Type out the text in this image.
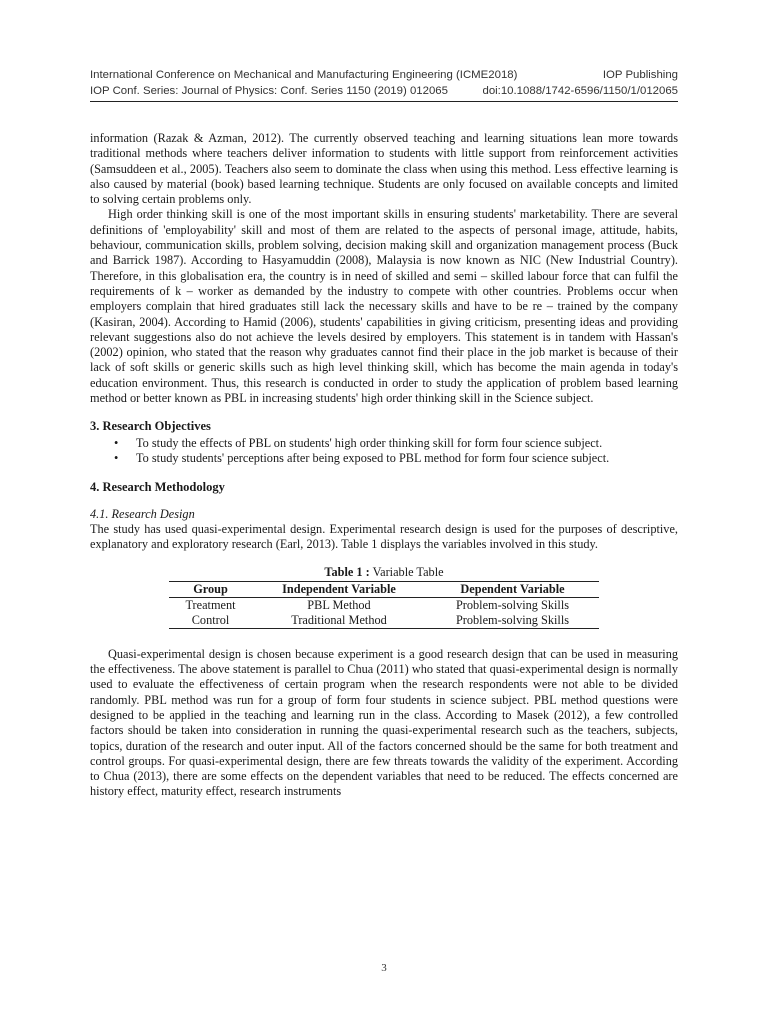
International Conference on Mechanical and Manufacturing Engineering (ICME2018)	IOP Publishing
IOP Conf. Series: Journal of Physics: Conf. Series 1150 (2019) 012065	doi:10.1088/1742-6596/1150/1/012065

information (Razak & Azman, 2012). The currently observed teaching and learning situations lean more towards traditional methods where teachers deliver information to students with little support from reinforcement activities (Samsuddeen et al., 2005). Teachers also seem to dominate the class when using this method. Less effective learning is also caused by material (book) based learning technique. Students are only focused on available concepts and limited to solving certain problems only.

High order thinking skill is one of the most important skills in ensuring students' marketability. There are several definitions of 'employability' skill and most of them are related to the aspects of personal image, attitude, habits, behaviour, communication skills, problem solving, decision making skill and organization management process (Buck and Barrick 1987). According to Hasyamuddin (2008), Malaysia is now known as NIC (New Industrial Country). Therefore, in this globalisation era, the country is in need of skilled and semi – skilled labour force that can fulfil the requirements of k – worker as demanded by the industry to compete with other countries. Problems occur when employers complain that hired graduates still lack the necessary skills and have to be re – trained by the company (Kasiran, 2004). According to Hamid (2006), students' capabilities in giving criticism, presenting ideas and providing relevant suggestions also do not achieve the levels desired by employers. This statement is in tandem with Hassan's (2002) opinion, who stated that the reason why graduates cannot find their place in the job market is because of their lack of soft skills or generic skills such as high level thinking skill, which has become the main agenda in today's education environment. Thus, this research is conducted in order to study the application of problem based learning method or better known as PBL in increasing students' high order thinking skill in the Science subject.

3. Research Objectives

• To study the effects of PBL on students' high order thinking skill for form four science subject.
• To study students' perceptions after being exposed to PBL method for form four science subject.

4. Research Methodology

4.1. Research Design

The study has used quasi-experimental design. Experimental research design is used for the purposes of descriptive, explanatory and exploratory research (Earl, 2013). Table 1 displays the variables involved in this study.

Table 1 : Variable Table
Group	Independent Variable	Dependent Variable
Treatment	PBL Method	Problem-solving Skills
Control	Traditional Method	Problem-solving Skills

Quasi-experimental design is chosen because experiment is a good research design that can be used in measuring the effectiveness. The above statement is parallel to Chua (2011) who stated that quasi-experimental design is normally used to evaluate the effectiveness of certain program when the research respondents were not able to be divided randomly. PBL method was run for a group of form four students in science subject. PBL method questions were designed to be applied in the teaching and learning run in the class. According to Masek (2012), a few controlled factors should be taken into consideration in running the quasi-experimental research such as the teachers, subjects, topics, duration of the research and outer input. All of the factors concerned should be the same for both treatment and control groups. For quasi-experimental design, there are few threats towards the validity of the experiment. According to Chua (2013), there are some effects on the dependent variables that need to be reduced. The effects concerned are history effect, maturity effect, research instruments

3
